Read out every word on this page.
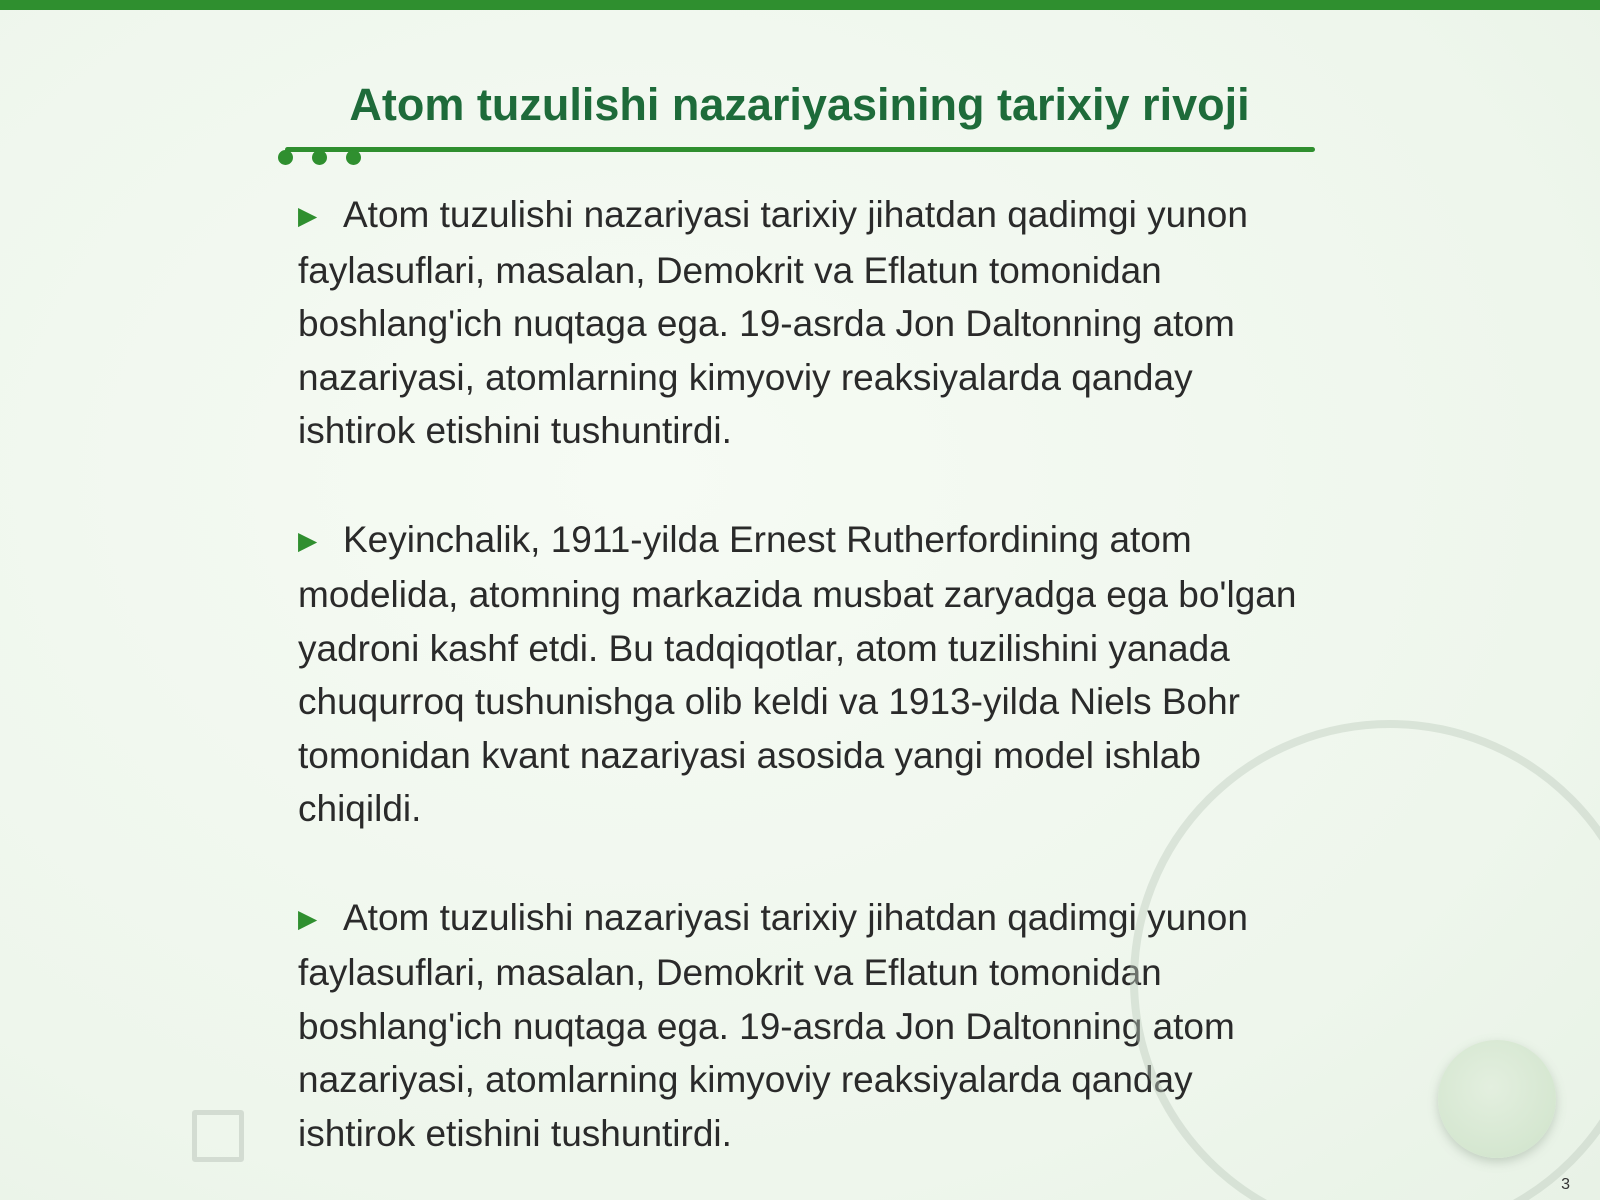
Atom tuzulishi nazariyasining tarixiy rivoji

▶ Atom tuzulishi nazariyasi tarixiy jihatdan qadimgi yunon faylasuflari, masalan, Demokrit va Eflatun tomonidan boshlang'ich nuqtaga ega. 19-asrda Jon Daltonning atom nazariyasi, atomlarning kimyoviy reaksiyalarda qanday ishtirok etishini tushuntirdi.

▶ Keyinchalik, 1911-yilda Ernest Rutherfordining atom modelida, atomning markazida musbat zaryadga ega bo'lgan yadroni kashf etdi. Bu tadqiqotlar, atom tuzilishini yanada chuqurroq tushunishga olib keldi va 1913-yilda Niels Bohr tomonidan kvant nazariyasi asosida yangi model ishlab chiqildi.

▶ Atom tuzulishi nazariyasi tarixiy jihatdan qadimgi yunon faylasuflari, masalan, Demokrit va Eflatun tomonidan boshlang'ich nuqtaga ega. 19-asrda Jon Daltonning atom nazariyasi, atomlarning kimyoviy reaksiyalarda qanday ishtirok etishini tushuntirdi.

3
